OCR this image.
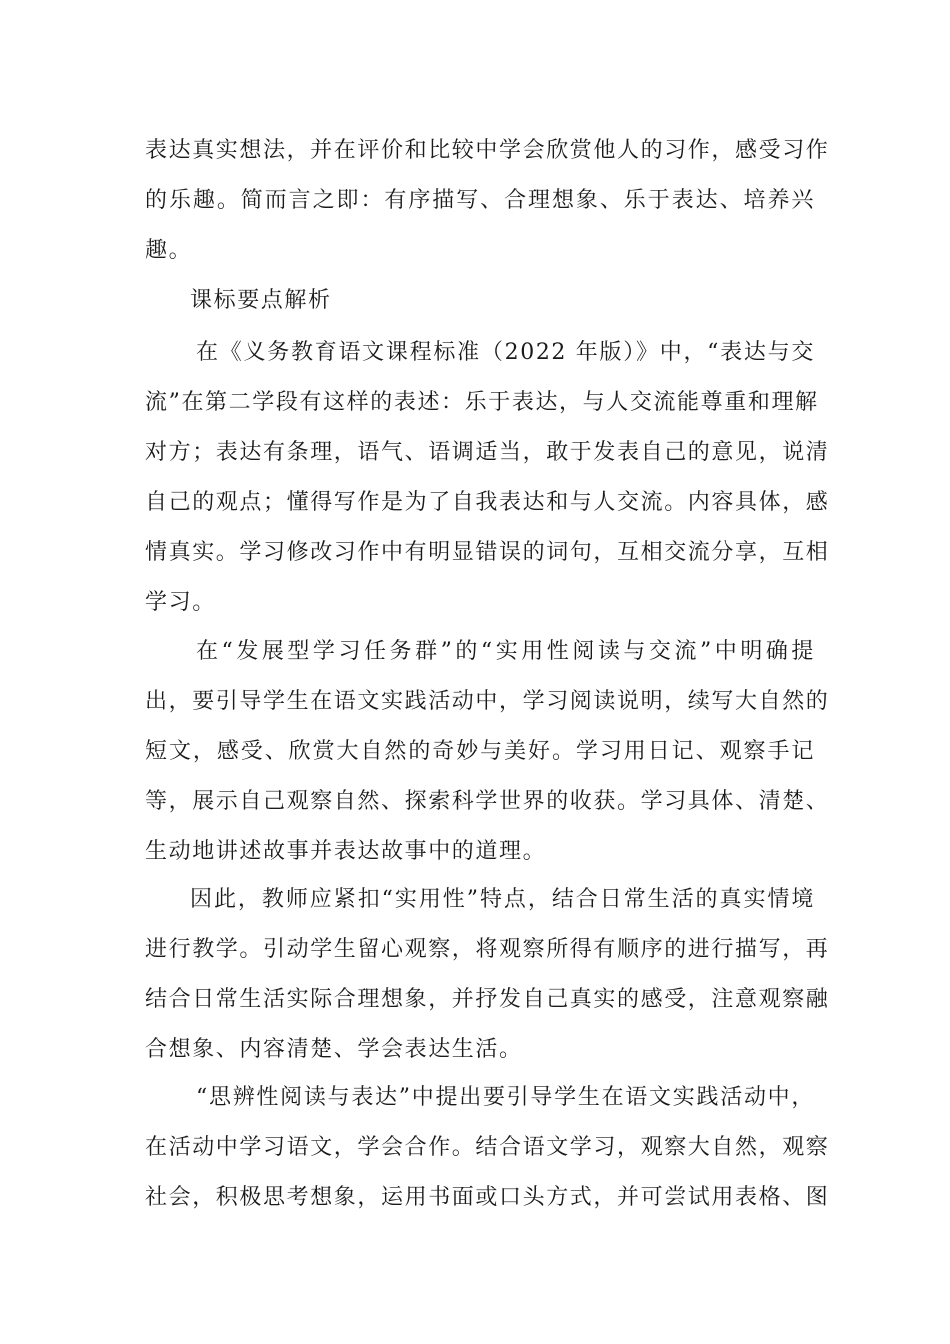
表达真实想法，并在评价和比较中学会欣赏他人的习作，感受习作
的乐趣。简而言之即：有序描写、合理想象、乐于表达、培养兴
趣。
课标要点解析
在《义务教育语文课程标准（2022 年版）》中，“表达与交
流”在第二学段有这样的表述：乐于表达，与人交流能尊重和理解
对方；表达有条理，语气、语调适当，敢于发表自己的意见，说清
自己的观点；懂得写作是为了自我表达和与人交流。内容具体，感
情真实。学习修改习作中有明显错误的词句，互相交流分享，互相
学习。
在“发展型学习任务群”的“实用性阅读与交流”中明确提
出，要引导学生在语文实践活动中，学习阅读说明，续写大自然的
短文，感受、欣赏大自然的奇妙与美好。学习用日记、观察手记
等，展示自己观察自然、探索科学世界的收获。学习具体、清楚、
生动地讲述故事并表达故事中的道理。
因此，教师应紧扣“实用性”特点，结合日常生活的真实情境
进行教学。引动学生留心观察，将观察所得有顺序的进行描写，再
结合日常生活实际合理想象，并抒发自己真实的感受，注意观察融
合想象、内容清楚、学会表达生活。
“思辨性阅读与表达”中提出要引导学生在语文实践活动中，
在活动中学习语文，学会合作。结合语文学习，观察大自然，观察
社会，积极思考想象，运用书面或口头方式，并可尝试用表格、图
